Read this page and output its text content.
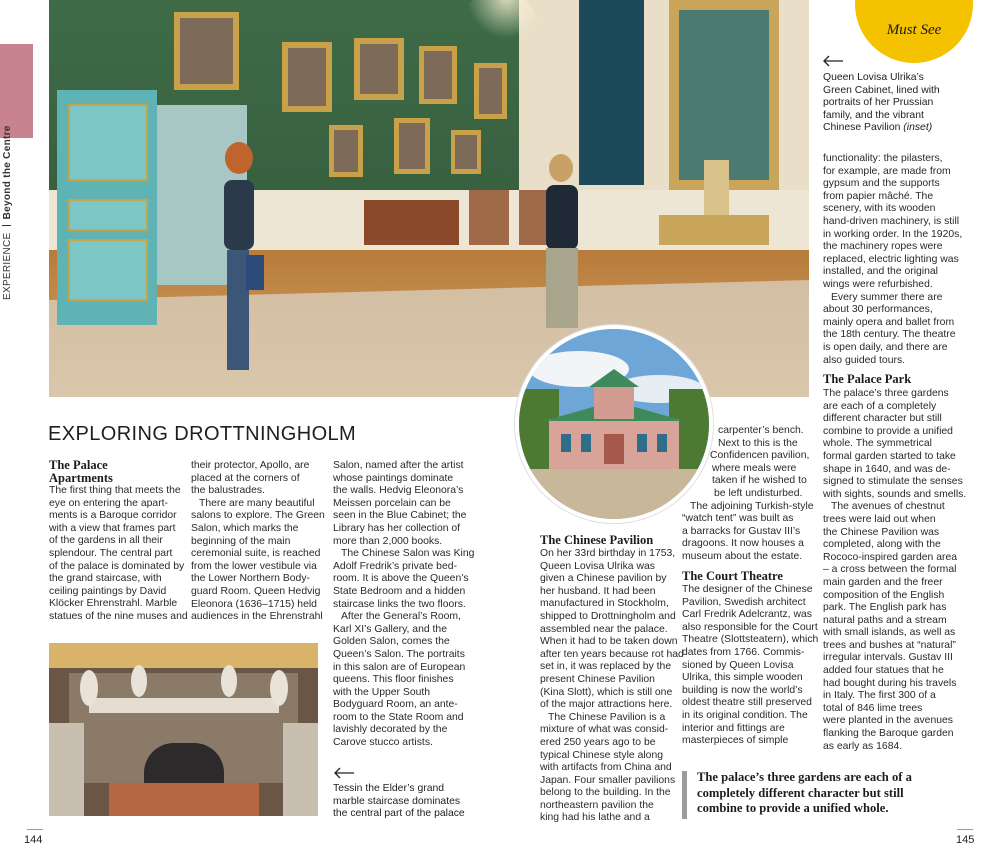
EXPERIENCE  Beyond the Centre
Must See
Queen Lovisa Ulrika’s
Green Cabinet, lined with
portraits of her Prussian
family, and the vibrant
Chinese Pavilion (inset)
EXPLORING DROTTNINGHOLM
The Palace
Apartments
The first thing that meets the
eye on entering the apart-
ments is a Baroque corridor
with a view that frames part
of the gardens in all their
splendour. The central part
of the palace is dominated by
the grand staircase, with
ceiling paintings by David
Klöcker Ehrenstrahl. Marble
statues of the nine muses and
their protector, Apollo, are
placed at the corners of
the balustrades.
There are many beautiful
salons to explore. The Green
Salon, which marks the
beginning of the main
ceremonial suite, is reached
from the lower vestibule via
the Lower Northern Body-
guard Room. Queen Hedvig
Eleonora (1636–1715) held
audiences in the Ehrenstrahl
Salon, named after the artist
whose paintings dominate
the walls. Hedvig Eleonora’s
Meissen porcelain can be
seen in the Blue Cabinet; the
Library has her collection of
more than 2,000 books.
The Chinese Salon was King
Adolf Fredrik’s private bed-
room. It is above the Queen’s
State Bedroom and a hidden
staircase links the two floors.
After the General’s Room,
Karl XI’s Gallery, and the
Golden Salon, comes the
Queen’s Salon. The portraits
in this salon are of European
queens. This floor finishes
with the Upper South
Bodyguard Room, an ante-
room to the State Room and
lavishly decorated by the
Carove stucco artists.
Tessin the Elder’s grand
marble staircase dominates
the central part of the palace
The Chinese Pavilion
On her 33rd birthday in 1753,
Queen Lovisa Ulrika was
given a Chinese pavilion by
her husband. It had been
manufactured in Stockholm,
shipped to Drottningholm and
assembled near the palace.
When it had to be taken down
after ten years because rot had
set in, it was replaced by the
present Chinese Pavilion
(Kina Slott), which is still one
of the major attractions here.
The Chinese Pavilion is a
mixture of what was consid-
ered 250 years ago to be
typical Chinese style along
with artifacts from China and
Japan. Four smaller pavilions
belong to the building. In the
northeastern pavilion the
king had his lathe and a
carpenter’s bench.
Next to this is the
Confidencen pavilion,
where meals were
taken if he wished to
be left undisturbed.
The adjoining Turkish-style
“watch tent” was built as
a barracks for Gustav III’s
dragoons. It now houses a
museum about the estate.
The Court Theatre
The designer of the Chinese
Pavilion, Swedish architect
Carl Fredrik Adelcrantz, was
also responsible for the Court
Theatre (Slottsteatern), which
dates from 1766. Commis-
sioned by Queen Lovisa
Ulrika, this simple wooden
building is now the world’s
oldest theatre still preserved
in its original condition. The
interior and fittings are
masterpieces of simple
functionality: the pilasters,
for example, are made from
gypsum and the supports
from papier mâché. The
scenery, with its wooden
hand-driven machinery, is still
in working order. In the 1920s,
the machinery ropes were
replaced, electric lighting was
installed, and the original
wings were refurbished.
Every summer there are
about 30 performances,
mainly opera and ballet from
the 18th century. The theatre
is open daily, and there are
also guided tours.
The Palace Park
The palace’s three gardens
are each of a completely
different character but still
combine to provide a unified
whole. The symmetrical
formal garden started to take
shape in 1640, and was de-
signed to stimulate the senses
with sights, sounds and smells.
The avenues of chestnut
trees were laid out when
the Chinese Pavilion was
completed, along with the
Rococo-inspired garden area
– a cross between the formal
main garden and the freer
composition of the English
park. The English park has
natural paths and a stream
with small islands, as well as
trees and bushes at “natural”
irregular intervals. Gustav III
added four statues that he
had bought during his travels
in Italy. The first 300 of a
total of 846 lime trees
were planted in the avenues
flanking the Baroque garden
as early as 1684.
The palace’s three gardens are each of a
completely different character but still
combine to provide a unified whole.
144	145
